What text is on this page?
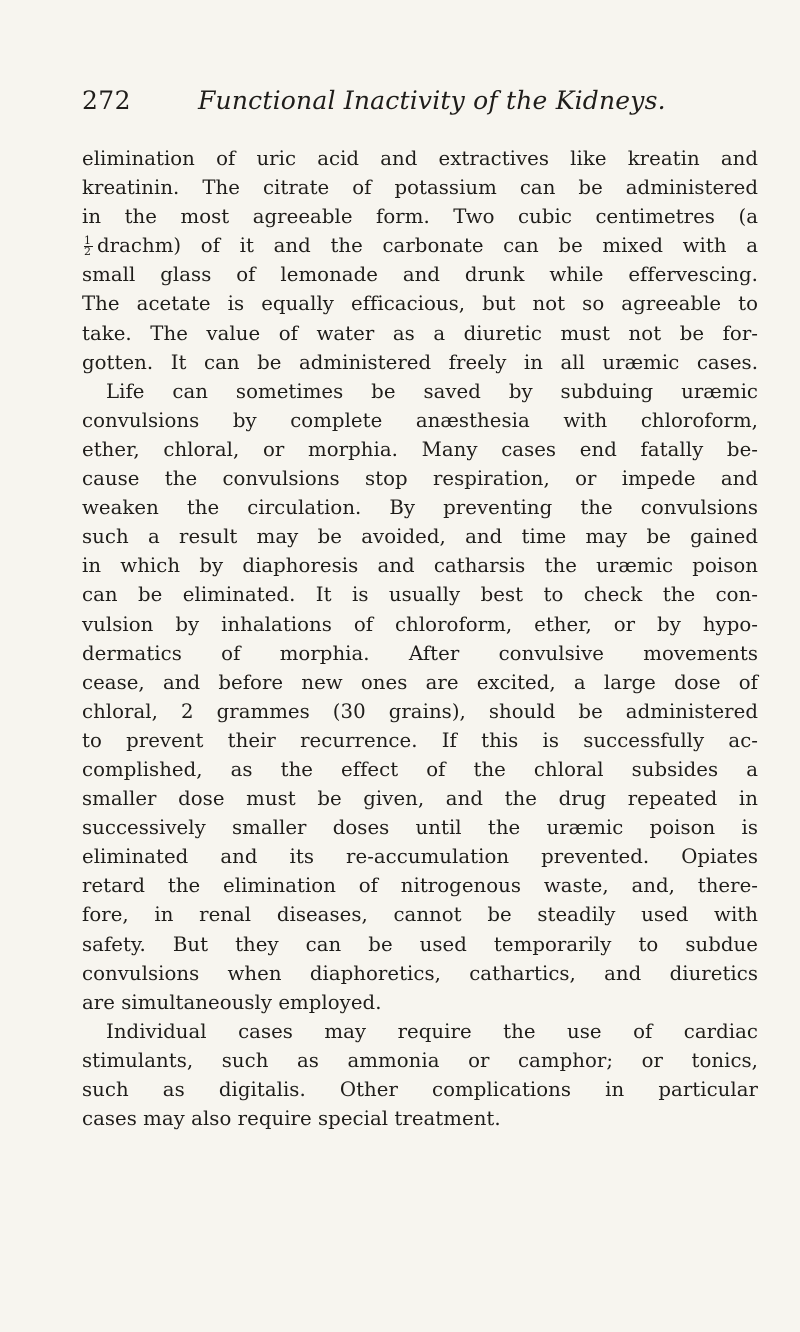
272	Functional Inactivity of the Kidneys.
elimination of uric acid and extractives like kreatin and
kreatinin. The citrate of potassium can be administered
in the most agreeable form. Two cubic centimetres (a
$\frac{1}{2}$ drachm) of it and the carbonate can be mixed with a
small glass of lemonade and drunk while effervescing.
The acetate is equally efficacious, but not so agreeable to
take. The value of water as a diuretic must not be for-
gotten. It can be administered freely in all uræmic cases.
Life can sometimes be saved by subduing uræmic
convulsions by complete anæsthesia with chloroform,
ether, chloral, or morphia. Many cases end fatally be-
cause the convulsions stop respiration, or impede and
weaken the circulation. By preventing the convulsions
such a result may be avoided, and time may be gained
in which by diaphoresis and catharsis the uræmic poison
can be eliminated. It is usually best to check the con-
vulsion by inhalations of chloroform, ether, or by hypo-
dermatics of morphia. After convulsive movements
cease, and before new ones are excited, a large dose of
chloral, 2 grammes (30 grains), should be administered
to prevent their recurrence. If this is successfully ac-
complished, as the effect of the chloral subsides a
smaller dose must be given, and the drug repeated in
successively smaller doses until the uræmic poison is
eliminated and its re-accumulation prevented. Opiates
retard the elimination of nitrogenous waste, and, there-
fore, in renal diseases, cannot be steadily used with
safety. But they can be used temporarily to subdue
convulsions when diaphoretics, cathartics, and diuretics
are simultaneously employed.
Individual cases may require the use of cardiac
stimulants, such as ammonia or camphor; or tonics,
such as digitalis. Other complications in particular
cases may also require special treatment.
